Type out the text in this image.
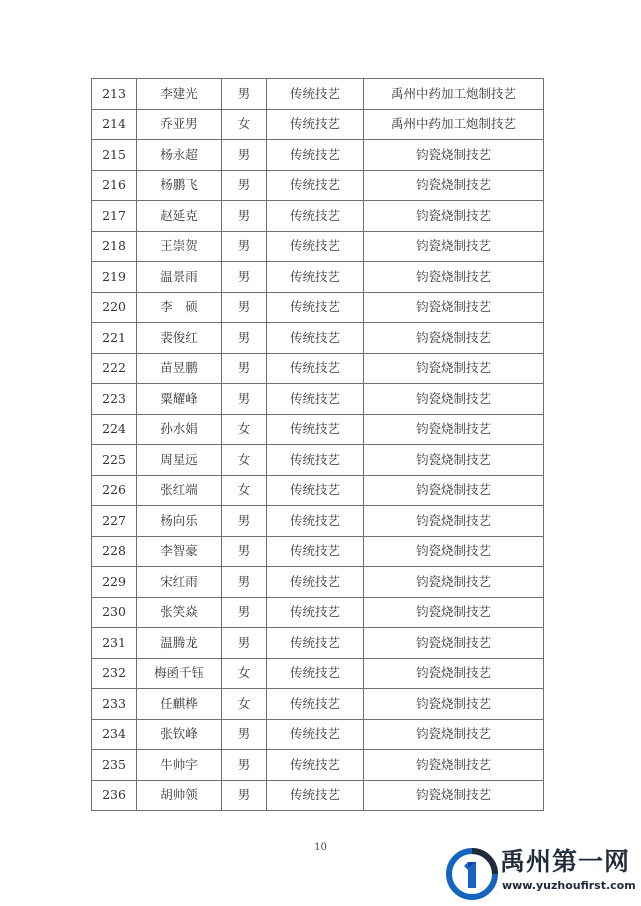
213	李建光	男	传统技艺	禹州中药加工炮制技艺
214	乔亚男	女	传统技艺	禹州中药加工炮制技艺
215	杨永超	男	传统技艺	钧瓷烧制技艺
216	杨鹏飞	男	传统技艺	钧瓷烧制技艺
217	赵延克	男	传统技艺	钧瓷烧制技艺
218	王崇贺	男	传统技艺	钧瓷烧制技艺
219	温景雨	男	传统技艺	钧瓷烧制技艺
220	李　硕	男	传统技艺	钧瓷烧制技艺
221	裴俊红	男	传统技艺	钧瓷烧制技艺
222	苗昱鹏	男	传统技艺	钧瓷烧制技艺
223	粟耀峰	男	传统技艺	钧瓷烧制技艺
224	孙水娟	女	传统技艺	钧瓷烧制技艺
225	周星远	女	传统技艺	钧瓷烧制技艺
226	张红端	女	传统技艺	钧瓷烧制技艺
227	杨向乐	男	传统技艺	钧瓷烧制技艺
228	李智豪	男	传统技艺	钧瓷烧制技艺
229	宋红雨	男	传统技艺	钧瓷烧制技艺
230	张笑焱	男	传统技艺	钧瓷烧制技艺
231	温腾龙	男	传统技艺	钧瓷烧制技艺
232	梅函千钰	女	传统技艺	钧瓷烧制技艺
233	任麒桦	女	传统技艺	钧瓷烧制技艺
234	张钦峰	男	传统技艺	钧瓷烧制技艺
235	牛帅宇	男	传统技艺	钧瓷烧制技艺
236	胡帅领	男	传统技艺	钧瓷烧制技艺
10	禹州第一网
www.yuzhoufirst.com
